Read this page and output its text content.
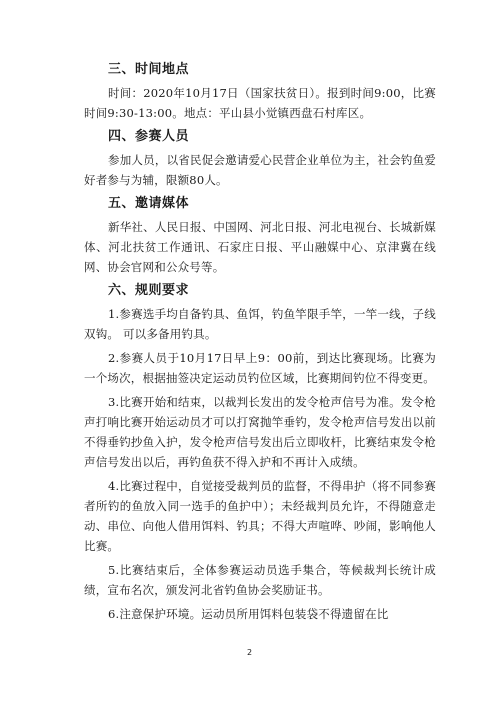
三、时间地点

时间：2020年10月17日（国家扶贫日）。报到时间9:00，比赛时间9:30-13:00。地点：平山县小觉镇西盘石村库区。

四、参赛人员

参加人员，以省民促会邀请爱心民营企业单位为主，社会钓鱼爱好者参与为辅，限额80人。

五、邀请媒体

新华社、人民日报、中国网、河北日报、河北电视台、长城新媒体、河北扶贫工作通讯、石家庄日报、平山融媒中心、京津冀在线网、协会官网和公众号等。

六、规则要求

1.参赛选手均自备钓具、鱼饵，钓鱼竿限手竿，一竿一线，子线双钩。 可以多备用钓具。

2.参赛人员于10月17日早上9：00前，到达比赛现场。比赛为一个场次，根据抽签决定运动员钓位区域，比赛期间钓位不得变更。

3.比赛开始和结束，以裁判长发出的发令枪声信号为准。发令枪声打响比赛开始运动员才可以打窝抛竿垂钓，发令枪声信号发出以前不得垂钓抄鱼入护，发令枪声信号发出后立即收杆，比赛结束发令枪声信号发出以后，再钓鱼获不得入护和不再计入成绩。

4.比赛过程中，自觉接受裁判员的监督，不得串护（将不同参赛者所钓的鱼放入同一选手的鱼护中）；未经裁判员允许，不得随意走动、串位、向他人借用饵料、钓具；不得大声喧哗、吵闹，影响他人比赛。

5.比赛结束后，全体参赛运动员选手集合，等候裁判长统计成绩，宣布名次，颁发河北省钓鱼协会奖励证书。

6.注意保护环境。运动员所用饵料包装袋不得遗留在比

2
